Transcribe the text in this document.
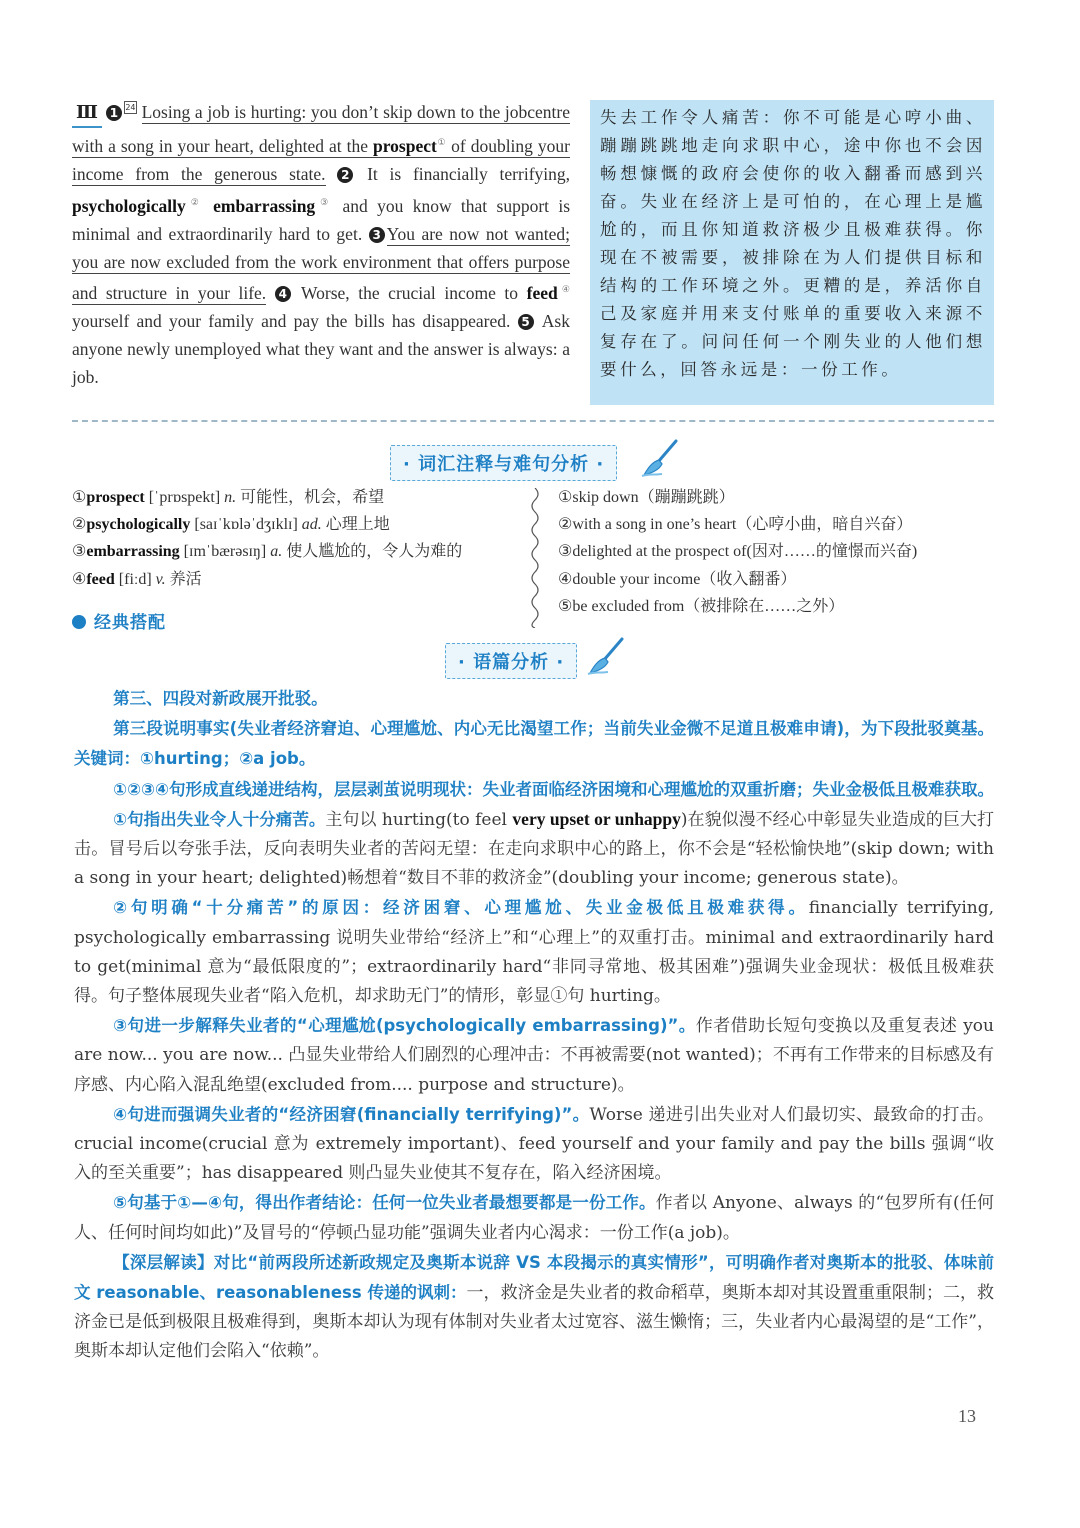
Ⅲ 1 24 Losing a job is hurting: you don’t skip down to the jobcentre with a song in your heart, delighted at the prospect① of doubling your income from the generous state. 2 It is financially terrifying, psychologically② embarrassing③ and you know that support is minimal and extraordinarily hard to get. 3 You are now not wanted; you are now excluded from the work environment that offers purpose and structure in your life. 4 Worse, the crucial income to feed④ yourself and your family and pay the bills has disappeared. 5 Ask anyone newly unemployed what they want and the answer is always: a job.
失去工作令人痛苦：你不可能是心哼小曲、蹦蹦跳跳地走向求职中心，途中你也不会因畅想慷慨的政府会使你的收入翻番而感到兴奋。失业在经济上是可怕的，在心理上是尴尬的，而且你知道救济极少且极难获得。你现在不被需要，被排除在为人们提供目标和结构的工作环境之外。更糟的是，养活你自己及家庭并用来支付账单的重要收入来源不复存在了。问问任何一个刚失业的人他们想要什么，回答永远是：一份工作。
· 词汇注释与难句分析 ·
①prospect [ˈprɒspekt] n. 可能性，机会，希望
②psychologically [saɪˈkɒləˈdʒɪklɪ] ad. 心理上地
③embarrassing [ɪmˈbærəsɪŋ] a. 使人尴尬的，令人为难的
④feed [fiːd] v. 养活
经典搭配
①skip down（蹦蹦跳跳）
②with a song in one’s heart（心哼小曲，暗自兴奋）
③delighted at the prospect of(因对……的憧憬而兴奋)
④double your income（收入翻番）
⑤be excluded from（被排除在……之外）
· 语篇分析 ·

第三、四段对新政展开批驳。

第三段说明事实(失业者经济窘迫、心理尴尬、内心无比渴望工作；当前失业金微不足道且极难申请)，为下段批驳奠基。关键词：①hurting；②a job。

①②③④句形成直线递进结构，层层剥茧说明现状：失业者面临经济困境和心理尴尬的双重折磨；失业金极低且极难获取。

①句指出失业令人十分痛苦。主句以 hurting(to feel very upset or unhappy)在貌似漫不经心中彰显失业造成的巨大打击。冒号后以夸张手法，反向表明失业者的苦闷无望：在走向求职中心的路上，你不会是“轻松愉快地”(skip down; with a song in your heart; delighted)畅想着“数目不菲的救济金”(doubling your income; generous state)。

②句明确“十分痛苦”的原因：经济困窘、心理尴尬、失业金极低且极难获得。financially terrifying, psychologically embarrassing 说明失业带给“经济上”和“心理上”的双重打击。minimal and extraordinarily hard to get(minimal 意为“最低限度的”；extraordinarily hard“非同寻常地、极其困难”)强调失业金现状：极低且极难获得。句子整体展现失业者“陷入危机，却求助无门”的情形，彰显①句 hurting。

③句进一步解释失业者的“心理尴尬(psychologically embarrassing)”。作者借助长短句变换以及重复表述 you are now... you are now... 凸显失业带给人们剧烈的心理冲击：不再被需要(not wanted)；不再有工作带来的目标感及有序感、内心陷入混乱绝望(excluded from.... purpose and structure)。

④句进而强调失业者的“经济困窘(financially terrifying)”。Worse 递进引出失业对人们最切实、最致命的打击。crucial income(crucial 意为 extremely important)、feed yourself and your family and pay the bills 强调“收入的至关重要”；has disappeared 则凸显失业使其不复存在，陷入经济困境。

⑤句基于①—④句，得出作者结论：任何一位失业者最想要都是一份工作。作者以 Anyone、always 的“包罗所有(任何人、任何时间均如此)”及冒号的“停顿凸显功能”强调失业者内心渴求：一份工作(a job)。

【深层解读】对比“前两段所述新政规定及奥斯本说辞 VS 本段揭示的真实情形”，可明确作者对奥斯本的批驳、体味前文 reasonable、reasonableness 传递的讽刺：一，救济金是失业者的救命稻草，奥斯本却对其设置重重限制；二，救济金已是低到极限且极难得到，奥斯本却认为现有体制对失业者太过宽容、滋生懒惰；三，失业者内心最渴望的是“工作”，奥斯本却认定他们会陷入“依赖”。

13
